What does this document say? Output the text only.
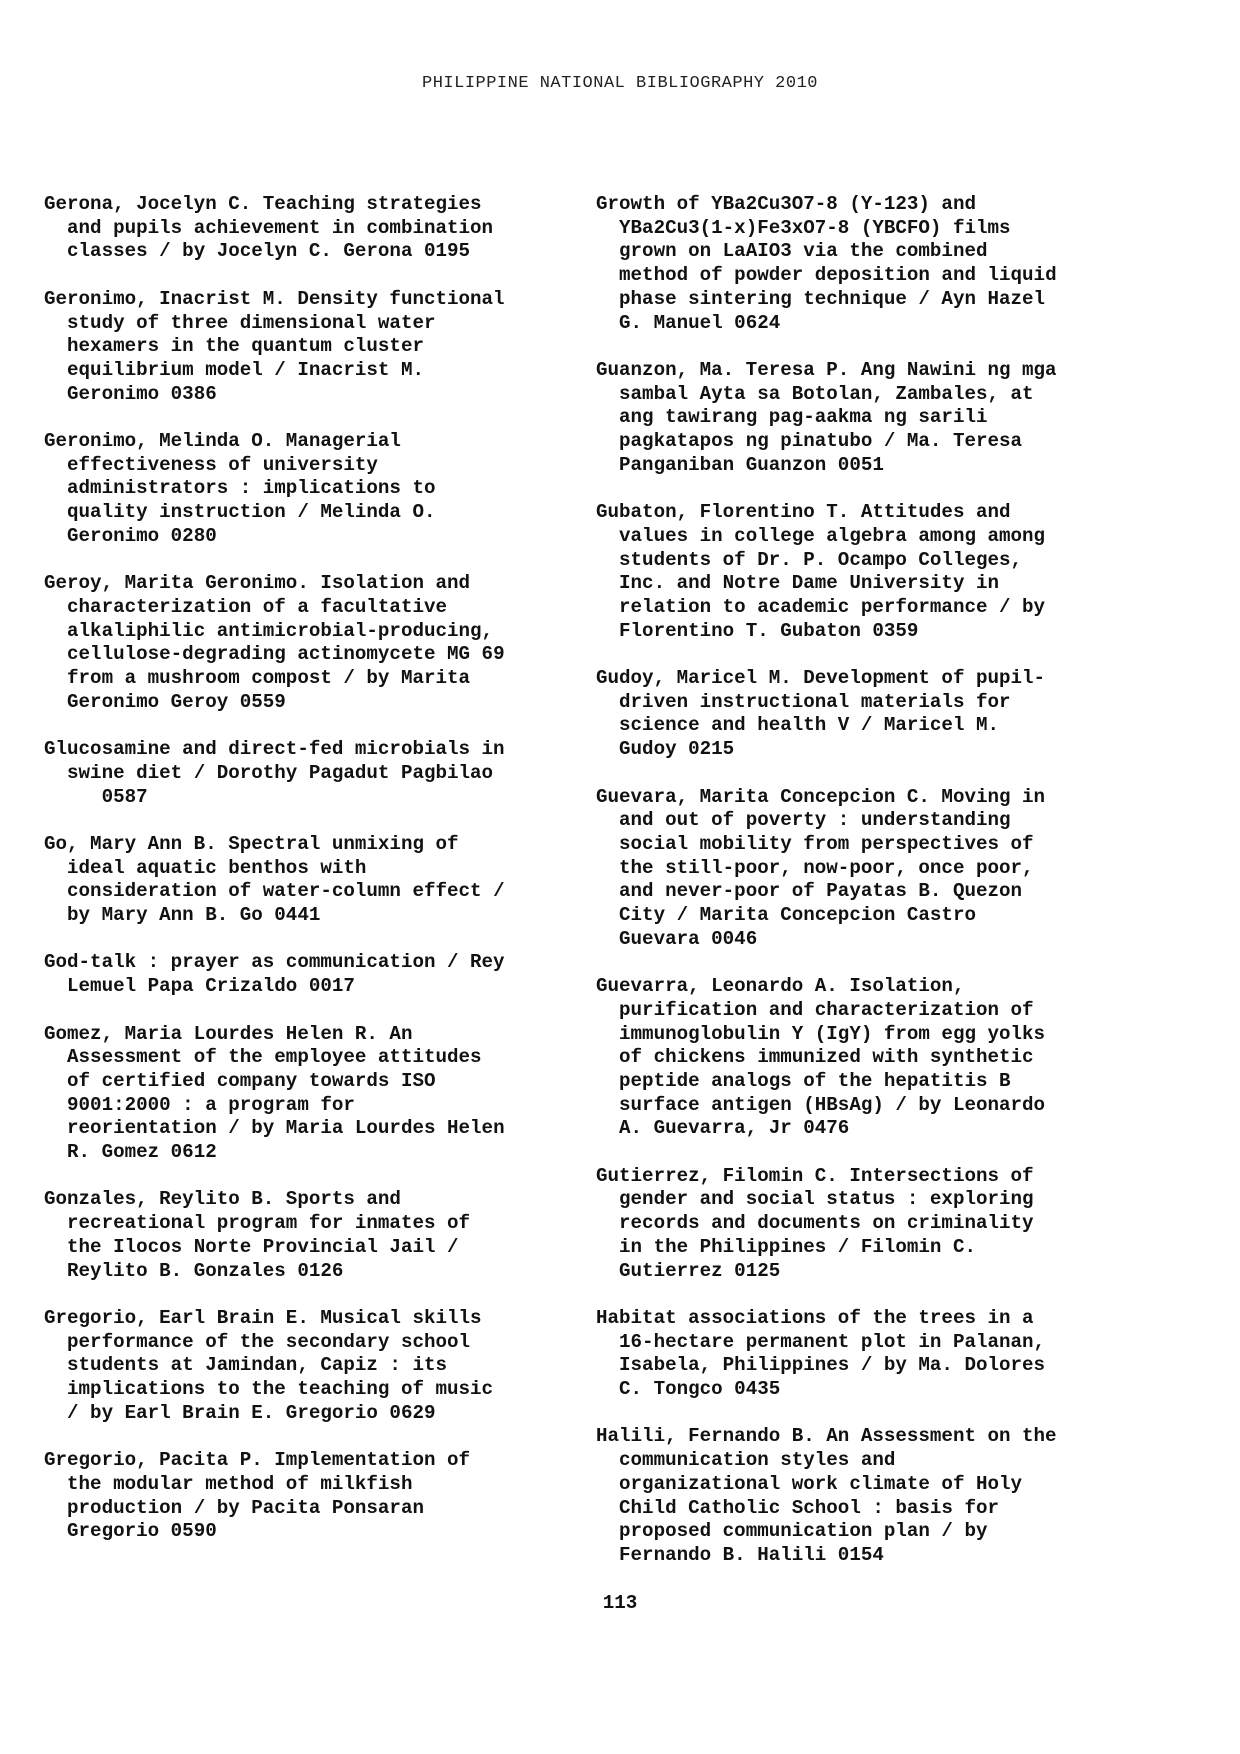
PHILIPPINE NATIONAL BIBLIOGRAPHY 2010

Gerona, Jocelyn C. Teaching strategies
and pupils achievement in combination
classes / by Jocelyn C. Gerona 0195

Geronimo, Inacrist M. Density functional
study of three dimensional water
hexamers in the quantum cluster
equilibrium model / Inacrist M.
Geronimo 0386

Geronimo, Melinda O. Managerial
effectiveness of university
administrators : implications to
quality instruction / Melinda O.
Geronimo 0280

Geroy, Marita Geronimo. Isolation and
characterization of a facultative
alkaliphilic antimicrobial-producing,
cellulose-degrading actinomycete MG 69
from a mushroom compost / by Marita
Geronimo Geroy 0559

Glucosamine and direct-fed microbials in
swine diet / Dorothy Pagadut Pagbilao
0587

Go, Mary Ann B. Spectral unmixing of
ideal aquatic benthos with
consideration of water-column effect /
by Mary Ann B. Go 0441

God-talk : prayer as communication / Rey
Lemuel Papa Crizaldo 0017

Gomez, Maria Lourdes Helen R. An
Assessment of the employee attitudes
of certified company towards ISO
9001:2000 : a program for
reorientation / by Maria Lourdes Helen
R. Gomez 0612

Gonzales, Reylito B. Sports and
recreational program for inmates of
the Ilocos Norte Provincial Jail /
Reylito B. Gonzales 0126

Gregorio, Earl Brain E. Musical skills
performance of the secondary school
students at Jamindan, Capiz : its
implications to the teaching of music
/ by Earl Brain E. Gregorio 0629

Gregorio, Pacita P. Implementation of
the modular method of milkfish
production / by Pacita Ponsaran
Gregorio 0590

Growth of YBa2Cu3O7-8 (Y-123) and
YBa2Cu3(1-x)Fe3xO7-8 (YBCFO) films
grown on LaAIO3 via the combined
method of powder deposition and liquid
phase sintering technique / Ayn Hazel
G. Manuel 0624

Guanzon, Ma. Teresa P. Ang Nawini ng mga
sambal Ayta sa Botolan, Zambales, at
ang tawirang pag-aakma ng sarili
pagkatapos ng pinatubo / Ma. Teresa
Panganiban Guanzon 0051

Gubaton, Florentino T. Attitudes and
values in college algebra among among
students of Dr. P. Ocampo Colleges,
Inc. and Notre Dame University in
relation to academic performance / by
Florentino T. Gubaton 0359

Gudoy, Maricel M. Development of pupil-
driven instructional materials for
science and health V / Maricel M.
Gudoy 0215

Guevara, Marita Concepcion C. Moving in
and out of poverty : understanding
social mobility from perspectives of
the still-poor, now-poor, once poor,
and never-poor of Payatas B. Quezon
City / Marita Concepcion Castro
Guevara 0046

Guevarra, Leonardo A. Isolation,
purification and characterization of
immunoglobulin Y (IgY) from egg yolks
of chickens immunized with synthetic
peptide analogs of the hepatitis B
surface antigen (HBsAg) / by Leonardo
A. Guevarra, Jr 0476

Gutierrez, Filomin C. Intersections of
gender and social status : exploring
records and documents on criminality
in the Philippines / Filomin C.
Gutierrez 0125

Habitat associations of the trees in a
16-hectare permanent plot in Palanan,
Isabela, Philippines / by Ma. Dolores
C. Tongco 0435

Halili, Fernando B. An Assessment on the
communication styles and
organizational work climate of Holy
Child Catholic School : basis for
proposed communication plan / by
Fernando B. Halili 0154

113
